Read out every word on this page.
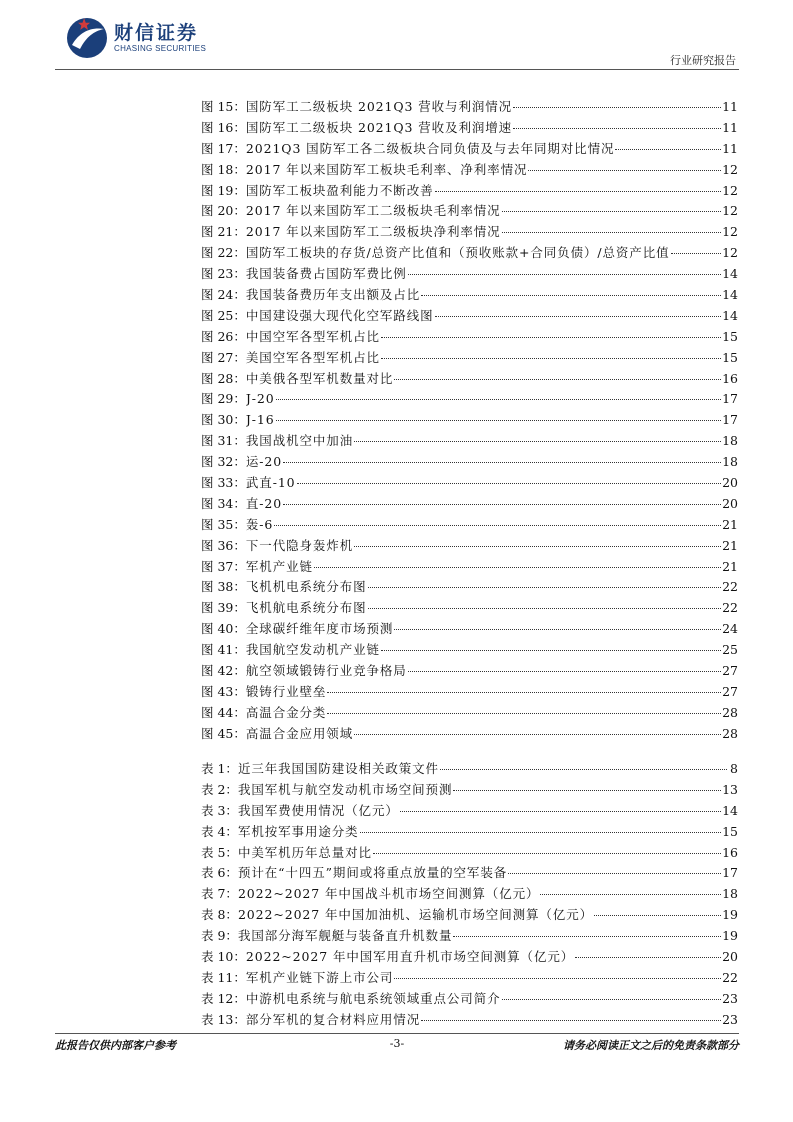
财信证券
CHASING SECURITIES
行业研究报告
图 15： 国防军工二级板块 2021Q3 营收与利润情况	11
图 16： 国防军工二级板块 2021Q3 营收及利润增速	11
图 17： 2021Q3 国防军工各二级板块合同负债及与去年同期对比情况	11
图 18： 2017 年以来国防军工板块毛利率、净利率情况	12
图 19： 国防军工板块盈利能力不断改善	12
图 20： 2017 年以来国防军工二级板块毛利率情况	12
图 21： 2017 年以来国防军工二级板块净利率情况	12
图 22： 国防军工板块的存货/总资产比值和（预收账款+合同负债）/总资产比值	12
图 23： 我国装备费占国防军费比例	14
图 24： 我国装备费历年支出额及占比	14
图 25： 中国建设强大现代化空军路线图	14
图 26： 中国空军各型军机占比	15
图 27： 美国空军各型军机占比	15
图 28： 中美俄各型军机数量对比	16
图 29： J-20	17
图 30： J-16	17
图 31： 我国战机空中加油	18
图 32： 运-20	18
图 33： 武直-10	20
图 34： 直-20	20
图 35： 轰-6	21
图 36： 下一代隐身轰炸机	21
图 37： 军机产业链	21
图 38： 飞机机电系统分布图	22
图 39： 飞机航电系统分布图	22
图 40： 全球碳纤维年度市场预测	24
图 41： 我国航空发动机产业链	25
图 42： 航空领域锻铸行业竞争格局	27
图 43： 锻铸行业壁垒	27
图 44： 高温合金分类	28
图 45： 高温合金应用领域	28
表 1： 近三年我国国防建设相关政策文件	8
表 2： 我国军机与航空发动机市场空间预测	13
表 3： 我国军费使用情况（亿元）	14
表 4： 军机按军事用途分类	15
表 5： 中美军机历年总量对比	16
表 6： 预计在“十四五”期间或将重点放量的空军装备	17
表 7： 2022~2027 年中国战斗机市场空间测算（亿元）	18
表 8： 2022~2027 年中国加油机、运输机市场空间测算（亿元）	19
表 9： 我国部分海军舰艇与装备直升机数量	19
表 10： 2022~2027 年中国军用直升机市场空间测算（亿元）	20
表 11： 军机产业链下游上市公司	22
表 12： 中游机电系统与航电系统领域重点公司简介	23
表 13： 部分军机的复合材料应用情况	23
此报告仅供内部客户参考	-3-	请务必阅读正文之后的免责条款部分
